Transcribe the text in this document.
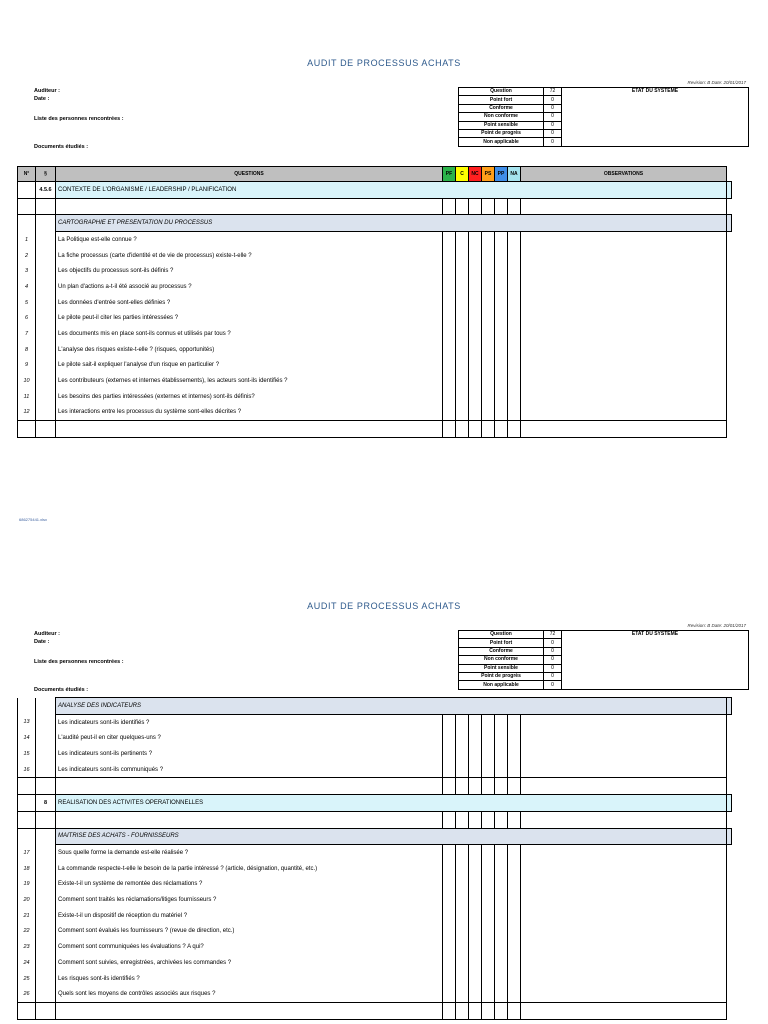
AUDIT DE PROCESSUS ACHATS
Revision: B Date: 20/01/2017
Auditeur :
Date :
Liste des personnes rencontrées :
Documents étudiés :
Question	72	ETAT DU SYSTÈME
Point fort	0	
Conforme	0	
Non conforme	0	
Point sensible	0	
Point de progrès	0	
Non applicable	0	
N°	§	QUESTIONS	PF	C	NC	PS	PP	NA	OBSERVATIONS	
	4.5.6	CONTEXTE DE L'ORGANISME / LEADERSHIP / PLANIFICATION								

		CARTOGRAPHIE ET PRESENTATION DU PROCESSUS								
1		La Politique est-elle connue ?								
2		La fiche processus (carte d'identité et de vie de processus) existe-t-elle ?								
3		Les objectifs du processus sont-ils définis ?								
4		Un plan d'actions a-t-il été associé au processus ?								
5		Les données d'entrée sont-elles définies ?								
6		Le pilote peut-il citer les parties intéressées ?								
7		Les documents mis en place sont-ils connus et utilisés par tous ?								
8		L'analyse des risques existe-t-elle ? (risques, opportunités)								
9		Le pilote sait-il expliquer l'analyse d'un risque en particulier ?								
10		Les contributeurs (externes et internes établissements), les acteurs sont-ils identifiés ?								
11		Les besoins des parties intéressées (externes et internes) sont-ils définis?								
12		Les interactions entre les processus du système sont-elles décrites ?								

686275441.xlsx
AUDIT DE PROCESSUS ACHATS
Revision: B Date: 20/01/2017
Auditeur :
Date :
Liste des personnes rencontrées :
Documents étudiés :
Question	72	ETAT DU SYSTÈME
Point fort	0	
Conforme	0	
Non conforme	0	
Point sensible	0	
Point de progrès	0	
Non applicable	0	
		ANALYSE DES INDICATEURS								
13		Les indicateurs sont-ils identifiés ?								
14		L'audité peut-il en citer quelques-uns ?								
15		Les indicateurs sont-ils pertinents ?								
16		Les indicateurs sont-ils communiqués ?								

	8	REALISATION DES ACTIVITES OPERATIONNELLES								

		MAITRISE DES ACHATS - FOURNISSEURS								
17		Sous quelle forme la demande est-elle réalisée ?								
18		La commande respecte-t-elle le besoin de la partie intéressé ? (article, désignation, quantité, etc.)								
19		Existe-t-il un système de remontée des réclamations ?								
20		Comment sont traités les réclamations/litiges fournisseurs ?								
21		Existe-t-il un dispositif de réception du matériel ?								
22		Comment sont évalués les fournisseurs ? (revue de direction, etc.)								
23		Comment sont communiquées les évaluations ? A qui?								
24		Comment sont suivies, enregistrées, archivées les commandes ?								
25		Les risques sont-ils identifiés ?								
26		Quels sont les moyens de contrôles associés aux risques ?								
